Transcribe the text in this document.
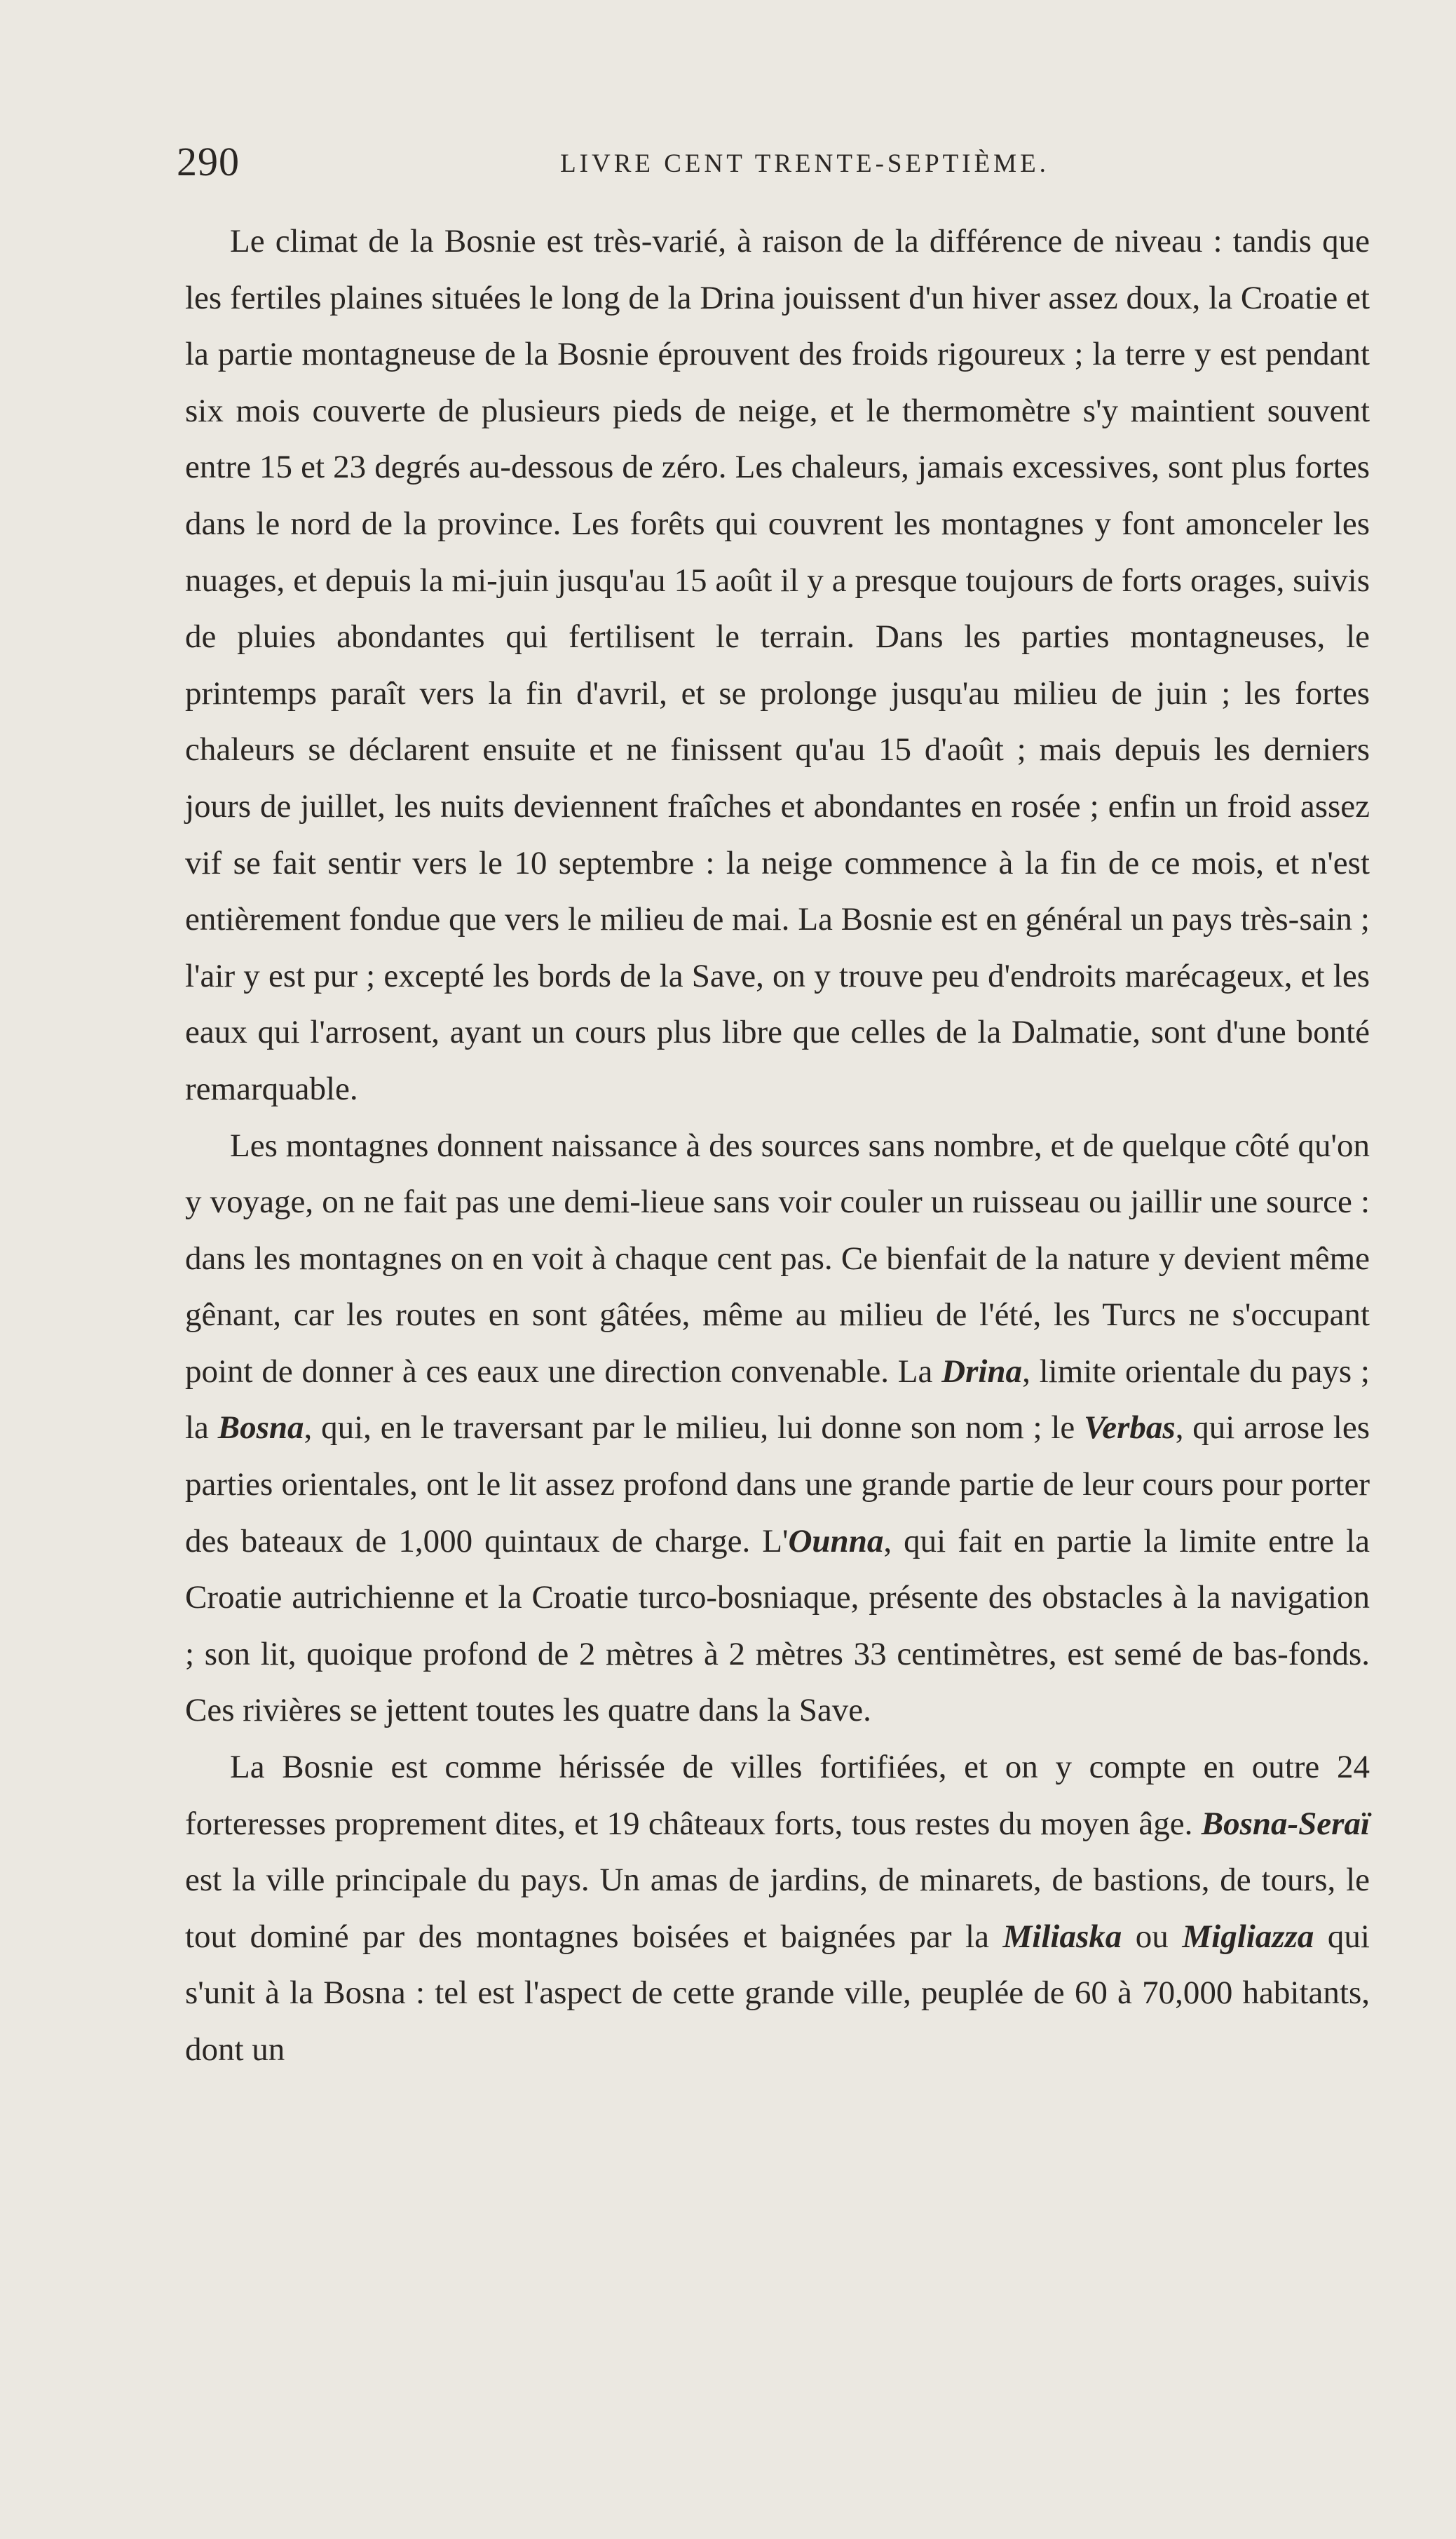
290	LIVRE CENT TRENTE-SEPTIÈME.

Le climat de la Bosnie est très-varié, à raison de la différence de niveau : tandis que les fertiles plaines situées le long de la Drina jouissent d'un hiver assez doux, la Croatie et la partie montagneuse de la Bosnie éprouvent des froids rigoureux ; la terre y est pendant six mois couverte de plusieurs pieds de neige, et le thermomètre s'y maintient souvent entre 15 et 23 degrés au-dessous de zéro. Les chaleurs, jamais excessives, sont plus fortes dans le nord de la province. Les forêts qui couvrent les montagnes y font amonceler les nuages, et depuis la mi-juin jusqu'au 15 août il y a presque toujours de forts orages, suivis de pluies abondantes qui fertilisent le terrain. Dans les parties montagneuses, le printemps paraît vers la fin d'avril, et se prolonge jusqu'au milieu de juin ; les fortes chaleurs se déclarent ensuite et ne finissent qu'au 15 d'août ; mais depuis les derniers jours de juillet, les nuits deviennent fraîches et abondantes en rosée ; enfin un froid assez vif se fait sentir vers le 10 septembre : la neige commence à la fin de ce mois, et n'est entièrement fondue que vers le milieu de mai. La Bosnie est en général un pays très-sain ; l'air y est pur ; excepté les bords de la Save, on y trouve peu d'endroits marécageux, et les eaux qui l'arrosent, ayant un cours plus libre que celles de la Dalmatie, sont d'une bonté remarquable.

Les montagnes donnent naissance à des sources sans nombre, et de quelque côté qu'on y voyage, on ne fait pas une demi-lieue sans voir couler un ruisseau ou jaillir une source : dans les montagnes on en voit à chaque cent pas. Ce bienfait de la nature y devient même gênant, car les routes en sont gâtées, même au milieu de l'été, les Turcs ne s'occupant point de donner à ces eaux une direction convenable. La Drina, limite orientale du pays ; la Bosna, qui, en le traversant par le milieu, lui donne son nom ; le Verbas, qui arrose les parties orientales, ont le lit assez profond dans une grande partie de leur cours pour porter des bateaux de 1,000 quintaux de charge. L'Ounna, qui fait en partie la limite entre la Croatie autrichienne et la Croatie turco-bosniaque, présente des obstacles à la navigation ; son lit, quoique profond de 2 mètres à 2 mètres 33 centimètres, est semé de bas-fonds. Ces rivières se jettent toutes les quatre dans la Save.

La Bosnie est comme hérissée de villes fortifiées, et on y compte en outre 24 forteresses proprement dites, et 19 châteaux forts, tous restes du moyen âge. Bosna-Seraï est la ville principale du pays. Un amas de jardins, de minarets, de bastions, de tours, le tout dominé par des montagnes boisées et baignées par la Miliaska ou Migliazza qui s'unit à la Bosna : tel est l'aspect de cette grande ville, peuplée de 60 à 70,000 habitants, dont un
